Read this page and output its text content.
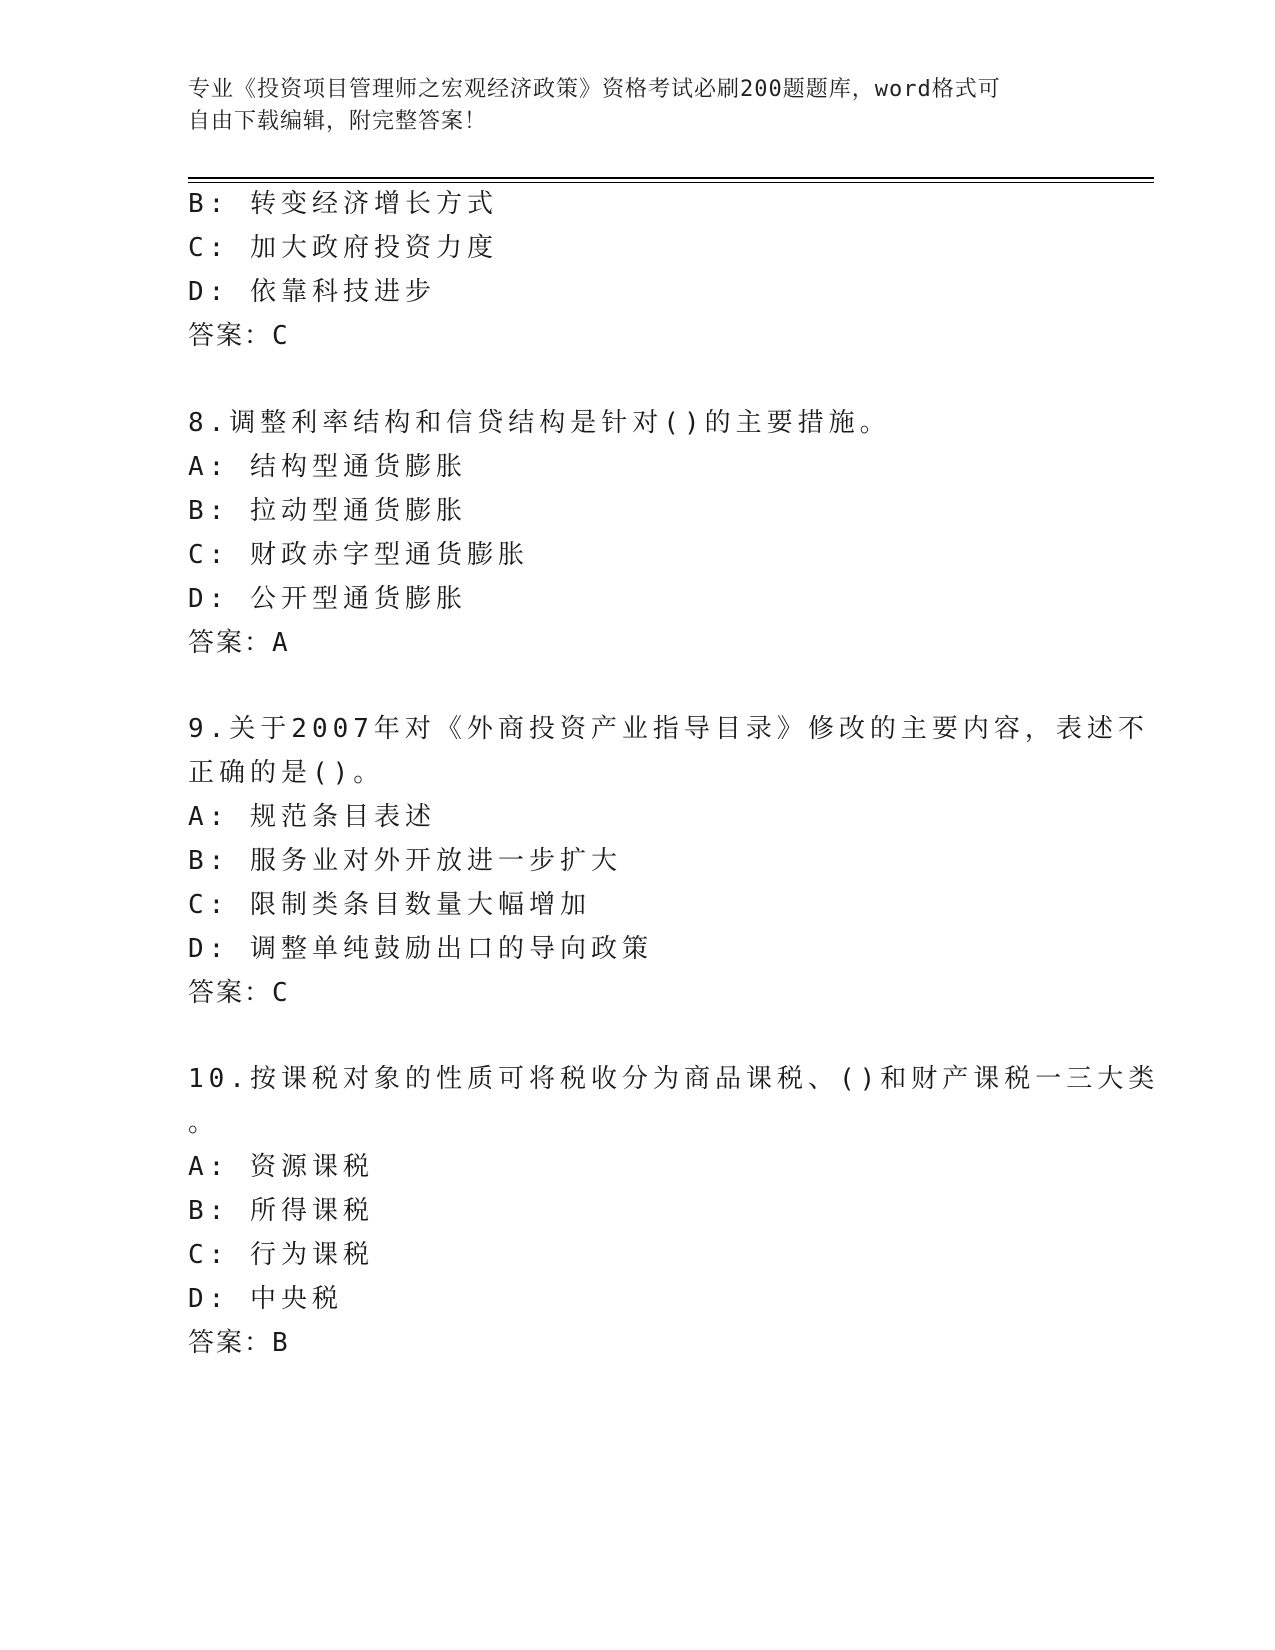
专业《投资项目管理师之宏观经济政策》资格考试必刷200题题库，word格式可
自由下载编辑，附完整答案！
B: 转变经济增长方式
C: 加大政府投资力度
D: 依靠科技进步
答案：C
8.调整利率结构和信贷结构是针对()的主要措施。
A: 结构型通货膨胀
B: 拉动型通货膨胀
C: 财政赤字型通货膨胀
D: 公开型通货膨胀
答案：A
9.关于2007年对《外商投资产业指导目录》修改的主要内容，表述不
正确的是()。
A: 规范条目表述
B: 服务业对外开放进一步扩大
C: 限制类条目数量大幅增加
D: 调整单纯鼓励出口的导向政策
答案：C
10.按课税对象的性质可将税收分为商品课税、()和财产课税一三大类
。
A: 资源课税
B: 所得课税
C: 行为课税
D: 中央税
答案：B
